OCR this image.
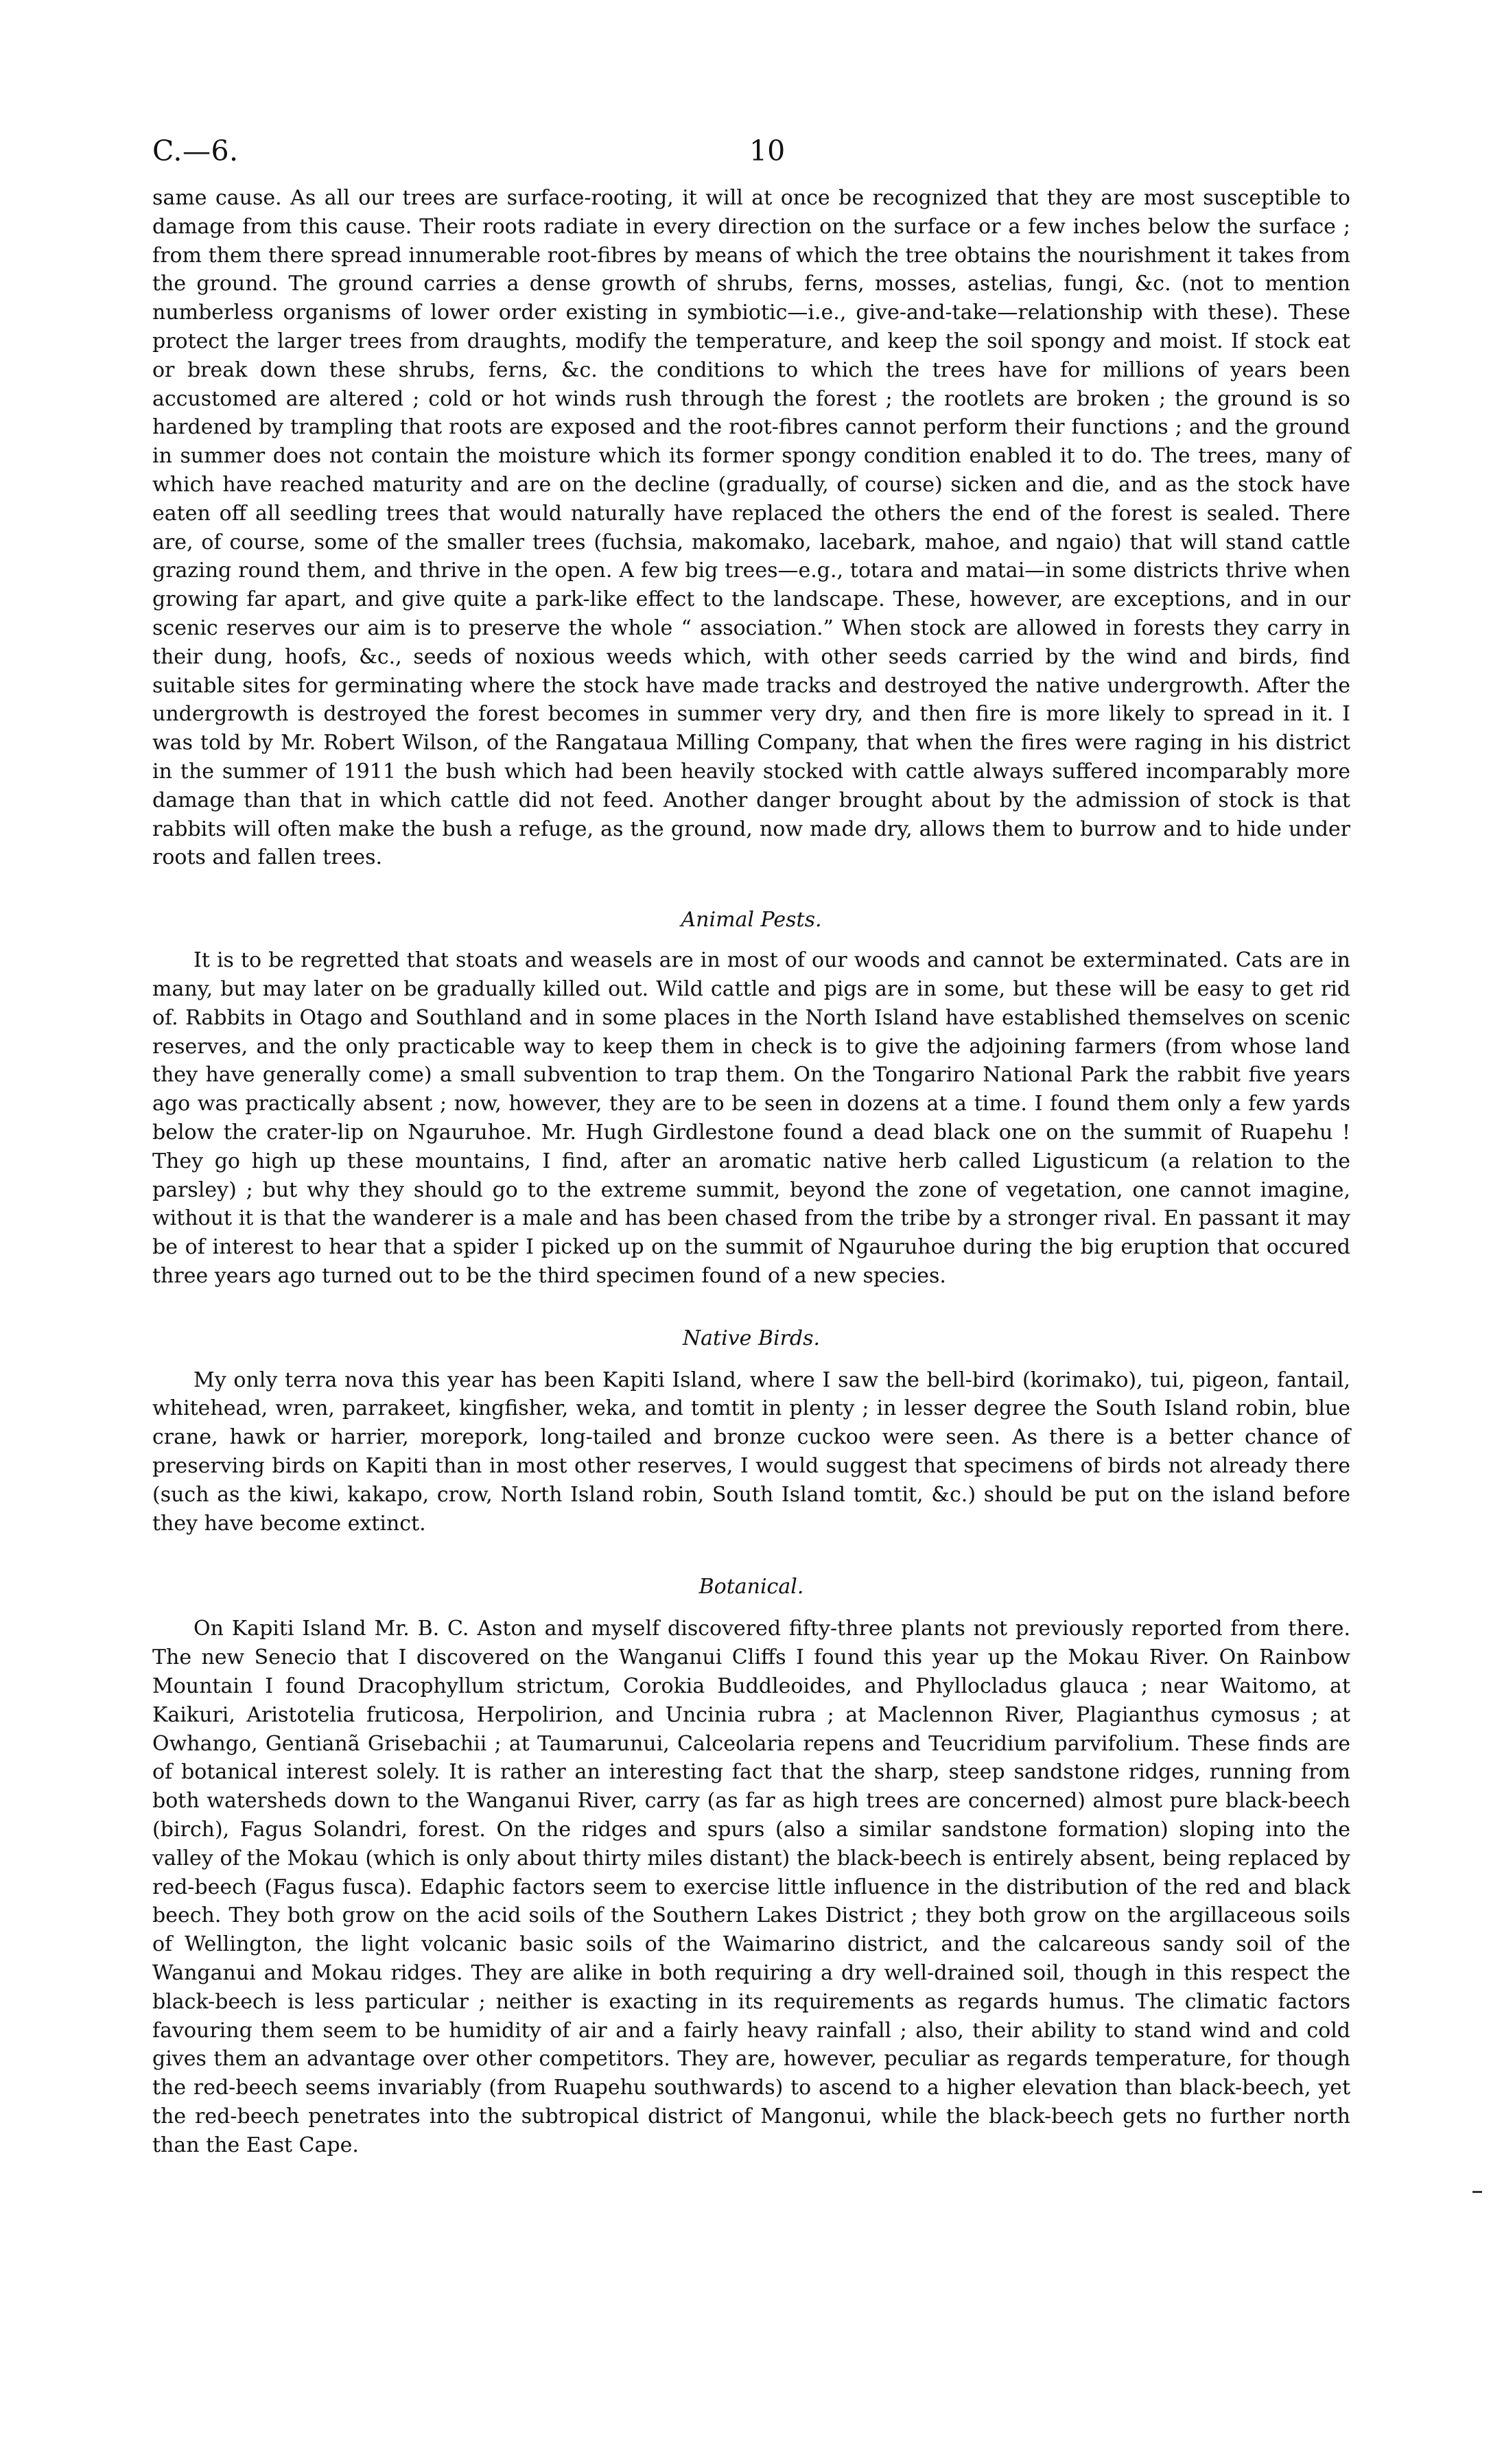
C.—6.	10

same cause. As all our trees are surface-rooting, it will at once be recognized that they are most susceptible to damage from this cause. Their roots radiate in every direction on the surface or a few inches below the surface ; from them there spread innumerable root-fibres by means of which the tree obtains the nourishment it takes from the ground. The ground carries a dense growth of shrubs, ferns, mosses, astelias, fungi, &c. (not to mention numberless organisms of lower order existing in symbiotic—i.e., give-and-take—relationship with these). These protect the larger trees from draughts, modify the temperature, and keep the soil spongy and moist. If stock eat or break down these shrubs, ferns, &c. the conditions to which the trees have for millions of years been accustomed are altered ; cold or hot winds rush through the forest ; the rootlets are broken ; the ground is so hardened by trampling that roots are exposed and the root-fibres cannot perform their functions ; and the ground in summer does not contain the moisture which its former spongy condition enabled it to do. The trees, many of which have reached maturity and are on the decline (gradually, of course) sicken and die, and as the stock have eaten off all seedling trees that would naturally have replaced the others the end of the forest is sealed. There are, of course, some of the smaller trees (fuchsia, makomako, lacebark, mahoe, and ngaio) that will stand cattle grazing round them, and thrive in the open. A few big trees—e.g., totara and matai—in some districts thrive when growing far apart, and give quite a park-like effect to the landscape. These, however, are exceptions, and in our scenic reserves our aim is to preserve the whole “ association.” When stock are allowed in forests they carry in their dung, hoofs, &c., seeds of noxious weeds which, with other seeds carried by the wind and birds, find suitable sites for germinating where the stock have made tracks and destroyed the native undergrowth. After the undergrowth is destroyed the forest becomes in summer very dry, and then fire is more likely to spread in it. I was told by Mr. Robert Wilson, of the Rangataua Milling Company, that when the fires were raging in his district in the summer of 1911 the bush which had been heavily stocked with cattle always suffered incomparably more damage than that in which cattle did not feed. Another danger brought about by the admission of stock is that rabbits will often make the bush a refuge, as the ground, now made dry, allows them to burrow and to hide under roots and fallen trees.

Animal Pests.

It is to be regretted that stoats and weasels are in most of our woods and cannot be exterminated. Cats are in many, but may later on be gradually killed out. Wild cattle and pigs are in some, but these will be easy to get rid of. Rabbits in Otago and Southland and in some places in the North Island have established themselves on scenic reserves, and the only practicable way to keep them in check is to give the adjoining farmers (from whose land they have generally come) a small subvention to trap them. On the Tongariro National Park the rabbit five years ago was practically absent ; now, however, they are to be seen in dozens at a time. I found them only a few yards below the crater-lip on Ngauruhoe. Mr. Hugh Girdlestone found a dead black one on the summit of Ruapehu ! They go high up these mountains, I find, after an aromatic native herb called Ligusticum (a relation to the parsley) ; but why they should go to the extreme summit, beyond the zone of vegetation, one cannot imagine, without it is that the wanderer is a male and has been chased from the tribe by a stronger rival. En passant it may be of interest to hear that a spider I picked up on the summit of Ngauruhoe during the big eruption that occured three years ago turned out to be the third specimen found of a new species.

Native Birds.

My only terra nova this year has been Kapiti Island, where I saw the bell-bird (korimako), tui, pigeon, fantail, whitehead, wren, parrakeet, kingfisher, weka, and tomtit in plenty ; in lesser degree the South Island robin, blue crane, hawk or harrier, morepork, long-tailed and bronze cuckoo were seen. As there is a better chance of preserving birds on Kapiti than in most other reserves, I would suggest that specimens of birds not already there (such as the kiwi, kakapo, crow, North Island robin, South Island tomtit, &c.) should be put on the island before they have become extinct.

Botanical.

On Kapiti Island Mr. B. C. Aston and myself discovered fifty-three plants not previously reported from there. The new Senecio that I discovered on the Wanganui Cliffs I found this year up the Mokau River. On Rainbow Mountain I found Dracophyllum strictum, Corokia Buddleoides, and Phyllocladus glauca ; near Waitomo, at Kaikuri, Aristotelia fruticosa, Herpolirion, and Uncinia rubra ; at Maclennon River, Plagianthus cymosus ; at Owhango, Gentianã Grisebachii ; at Taumarunui, Calceolaria repens and Teucridium parvifolium. These finds are of botanical interest solely. It is rather an interesting fact that the sharp, steep sandstone ridges, running from both watersheds down to the Wanganui River, carry (as far as high trees are concerned) almost pure black-beech (birch), Fagus Solandri, forest. On the ridges and spurs (also a similar sandstone formation) sloping into the valley of the Mokau (which is only about thirty miles distant) the black-beech is entirely absent, being replaced by red-beech (Fagus fusca). Edaphic factors seem to exercise little influence in the distribution of the red and black beech. They both grow on the acid soils of the Southern Lakes District ; they both grow on the argillaceous soils of Wellington, the light volcanic basic soils of the Waimarino district, and the calcareous sandy soil of the Wanganui and Mokau ridges. They are alike in both requiring a dry well-drained soil, though in this respect the black-beech is less particular ; neither is exacting in its requirements as regards humus. The climatic factors favouring them seem to be humidity of air and a fairly heavy rainfall ; also, their ability to stand wind and cold gives them an advantage over other competitors. They are, however, peculiar as regards temperature, for though the red-beech seems invariably (from Ruapehu southwards) to ascend to a higher elevation than black-beech, yet the red-beech penetrates into the subtropical district of Mangonui, while the black-beech gets no further north than the East Cape.
